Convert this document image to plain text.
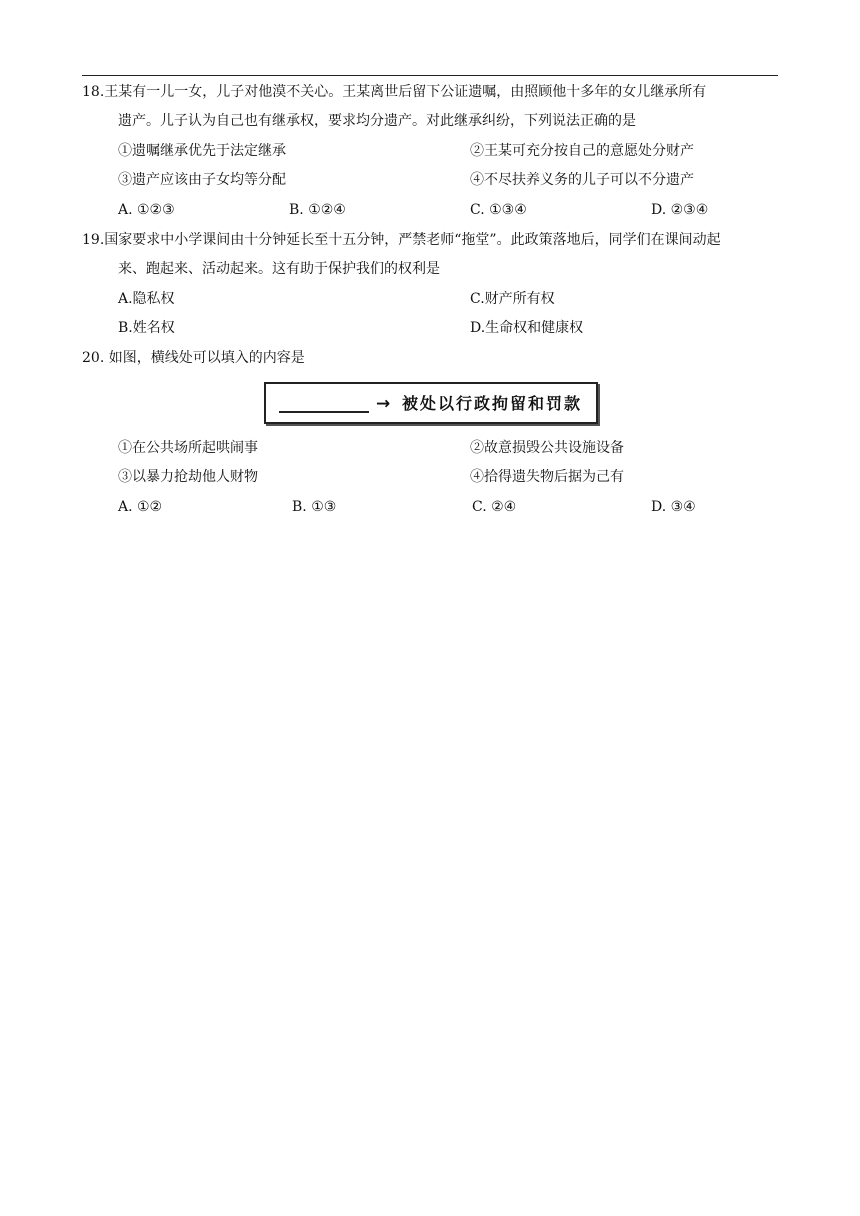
18.王某有一儿一女，儿子对他漠不关心。王某离世后留下公证遗嘱，由照顾他十多年的女儿继承所有
遗产。儿子认为自己也有继承权，要求均分遗产。对此继承纠纷，下列说法正确的是
①遗嘱继承优先于法定继承	②王某可充分按自己的意愿处分财产
③遗产应该由子女均等分配	④不尽扶养义务的儿子可以不分遗产
A. ①②③	B. ①②④	C. ①③④	D. ②③④
19.国家要求中小学课间由十分钟延长至十五分钟，严禁老师“拖堂”。此政策落地后，同学们在课间动起
来、跑起来、活动起来。这有助于保护我们的权利是
A.隐私权	C.财产所有权
B.姓名权	D.生命权和健康权
20. 如图，横线处可以填入的内容是
→ 被处以行政拘留和罚款
①在公共场所起哄闹事	②故意损毁公共设施设备
③以暴力抢劫他人财物	④拾得遗失物后据为己有
A. ①②	B. ①③	C. ②④	D. ③④
